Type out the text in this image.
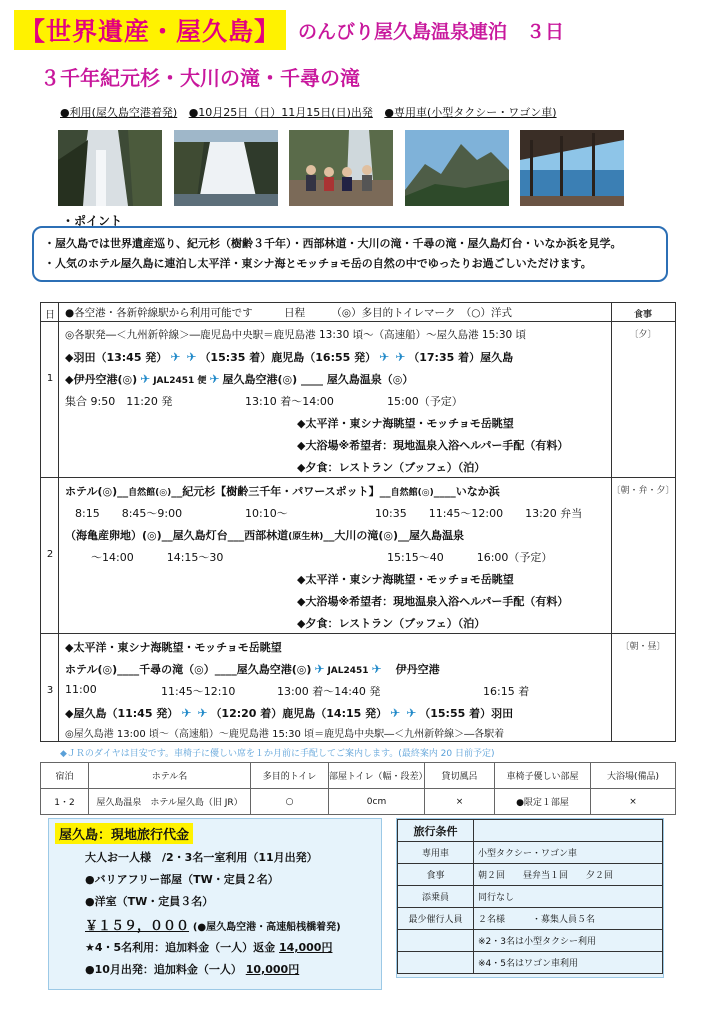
【世界遺産・屋久島】 のんびり屋久島温泉連泊　３日
３千年紀元杉・大川の滝・千尋の滝
●利用(屋久島空港着発) ●10月25日（日）11月15日(日)出発 ●専用車(小型タクシー・ワゴン車)
・ポイント
・屋久島では世界遺産巡り、紀元杉（樹齢３千年）・西部林道・大川の滝・千尋の滝・屋久島灯台・いなか浜を見学。
・人気のホテル屋久島に連泊し太平洋・東シナ海とモッチョモ岳の自然の中でゆったりお過ごしいただけます。
日 ●各空港・各新幹線駅から利用可能です　　　日程　　　（◎）多目的トイレマーク　（○）洋式	食事
1
〔夕〕
◎各駅発―＜九州新幹線＞―鹿児島中央駅＝鹿児島港 13:30 頃～（高速船）～屋久島港 15:30 頃
◆羽田（13:45 発） ✈ ✈ （15:35 着）鹿児島（16:55 発） ✈ ✈ （17:35 着）屋久島
◆伊丹空港(◎) ✈ JAL2451 便 ✈ 屋久島空港(◎) ____ 屋久島温泉（◎）
集合 9:50　11:20 発	13:10 着～14:00	15:00（予定）
◆太平洋・東シナ海眺望・モッチョモ岳眺望
◆大浴場※希望者：現地温泉入浴ヘルパー手配（有料）
◆夕食：レストラン（ブッフェ）（泊）
2
〔朝・弁・夕〕
ホテル(◎)__自然館(◎)__紀元杉【樹齢三千年・パワースポット】__自然館(◎)____いなか浜
8:15　　8:45～9:00	10:10～	10:35　　11:45～12:00　　13:20 弁当
（海亀産卵地）(◎)__屋久島灯台___西部林道(原生林)__大川の滝(◎)__屋久島温泉
～14:00　　　14:15～30	15:15～40　　　16:00（予定）
◆太平洋・東シナ海眺望・モッチョモ岳眺望
◆大浴場※希望者：現地温泉入浴ヘルパー手配（有料）
◆夕食：レストラン（ブッフェ）（泊）
3
〔朝・昼〕
◆太平洋・東シナ海眺望・モッチョモ岳眺望
ホテル(◎)____千尋の滝（◎）____屋久島空港(◎) ✈ JAL2451 ✈　 伊丹空港
11:00	11:45～12:10	13:00 着～14:40 発	16:15 着
◆屋久島（11:45 発） ✈ ✈ （12:20 着）鹿児島（14:15 発） ✈ ✈ （15:55 着）羽田
◎屋久島港 13:00 頃～（高速船）～鹿児島港 15:30 頃＝鹿児島中央駅―＜九州新幹線＞―各駅着
◆ＪＲのダイヤは目安です。車椅子に優しい席を１か月前に手配してご案内します。(最終案内 20 日前予定)
宿泊	ホテル名	多目的トイレ	部屋トイレ（幅・段差）	貸切風呂	車椅子優しい部屋	大浴場(備品)
1・2	屋久島温泉　ホテル屋久島（旧 JR）	○	0cm	×	●限定１部屋	×
屋久島：現地旅行代金
大人お一人様　/2・3名一室利用（11月出発）
●バリアフリー部屋（TW・定員２名）
●洋室（TW・定員３名）
￥１５９，０００ (●屋久島空港・高速船桟橋着発)
★4・5名利用：追加料金（一人）返金 14,000円
●10月出発：追加料金（一人） 10,000円
旅行条件	
専用車	小型タクシー・ワゴン車
食事	朝２回　　昼弁当１回　　夕２回
添乗員	同行なし
最少催行人員	２名様　　　・募集人員５名
	※2・3名は小型タクシー利用
	※4・5名はワゴン車利用
